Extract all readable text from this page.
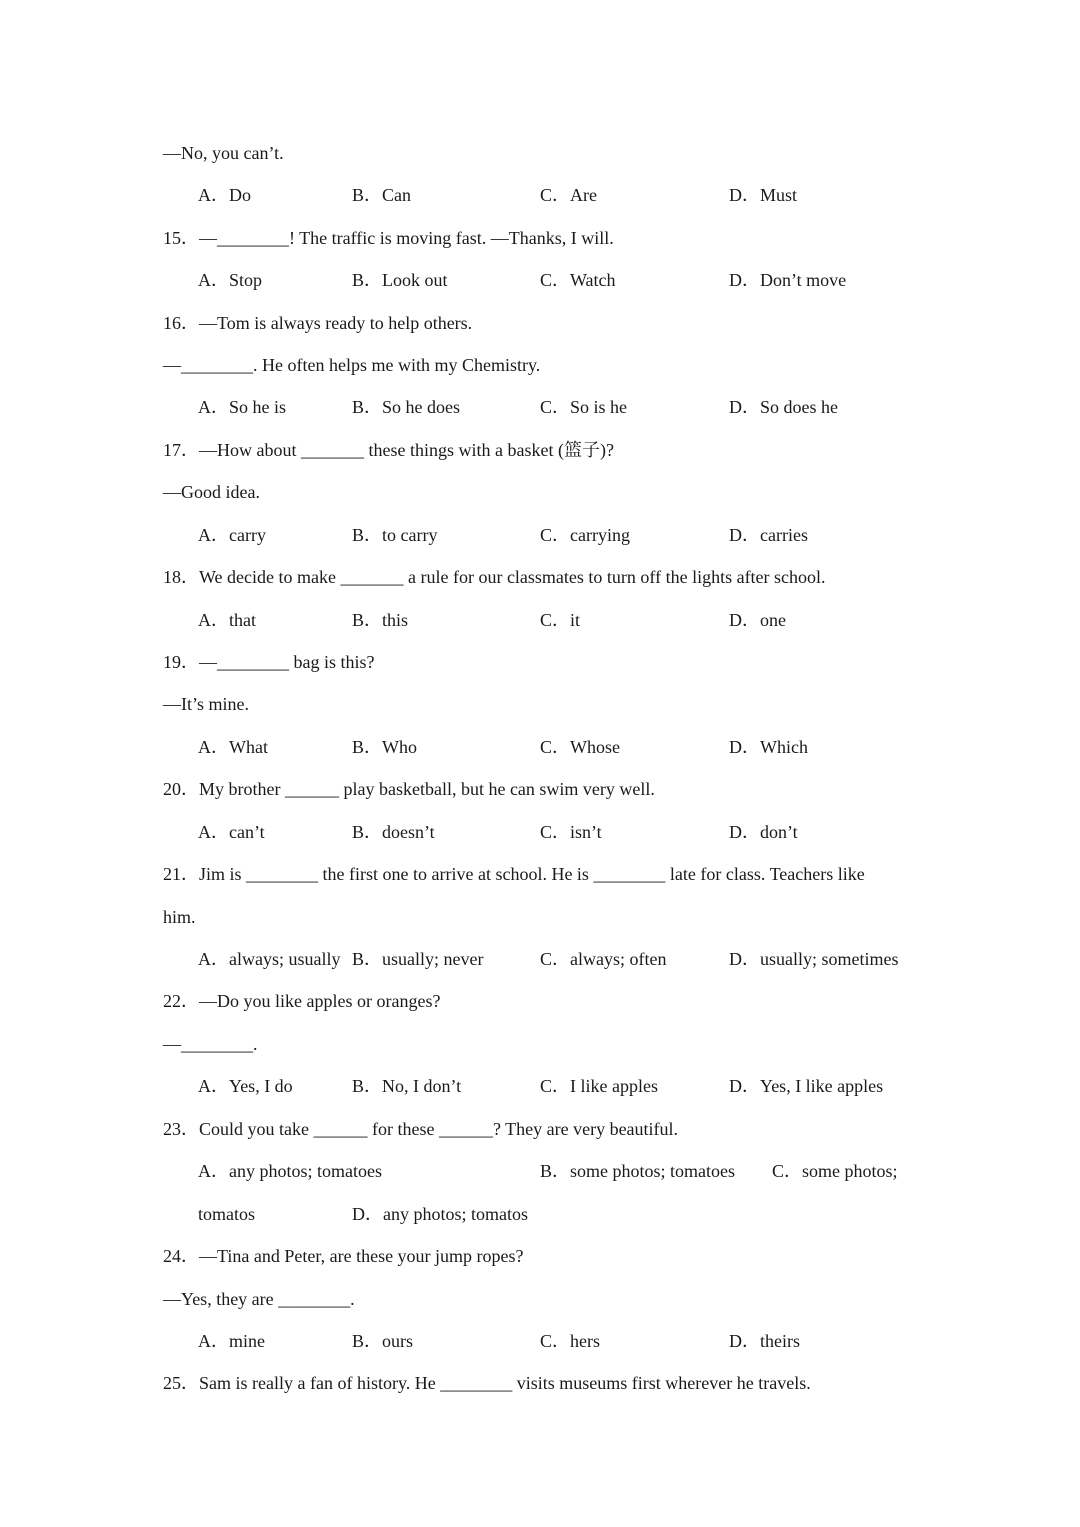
—No, you can’t.
A．Do	B．Can	C．Are	D．Must
15．—________! The traffic is moving fast. —Thanks, I will.
A．Stop	B．Look out	C．Watch	D．Don’t move
16．—Tom is always ready to help others.
—________. He often helps me with my Chemistry.
A．So he is	B．So he does	C．So is he	D．So does he
17．—How about _______ these things with a basket (篮子)?
—Good idea.
A．carry	B．to carry	C．carrying	D．carries
18．We decide to make _______ a rule for our classmates to turn off the lights after school.
A．that	B．this	C．it	D．one
19．—________ bag is this?
—It’s mine.
A．What	B．Who	C．Whose	D．Which
20．My brother ______ play basketball, but he can swim very well.
A．can’t	B．doesn’t	C．isn’t	D．don’t
21．Jim is ________ the first one to arrive at school. He is ________ late for class. Teachers like
him.
A．always; usually B．usually; never	C．always; often	D．usually; sometimes
22．—Do you like apples or oranges?
—________.
A．Yes, I do	B．No, I don’t	C．I like apples	D．Yes, I like apples
23．Could you take ______ for these ______? They are very beautiful.
A．any photos; tomatoes	B．some photos; tomatoes C．some photos;
tomatos	D．any photos; tomatos
24．—Tina and Peter, are these your jump ropes?
—Yes, they are ________.
A．mine	B．ours	C．hers	D．theirs
25．Sam is really a fan of history. He ________ visits museums first wherever he travels.
